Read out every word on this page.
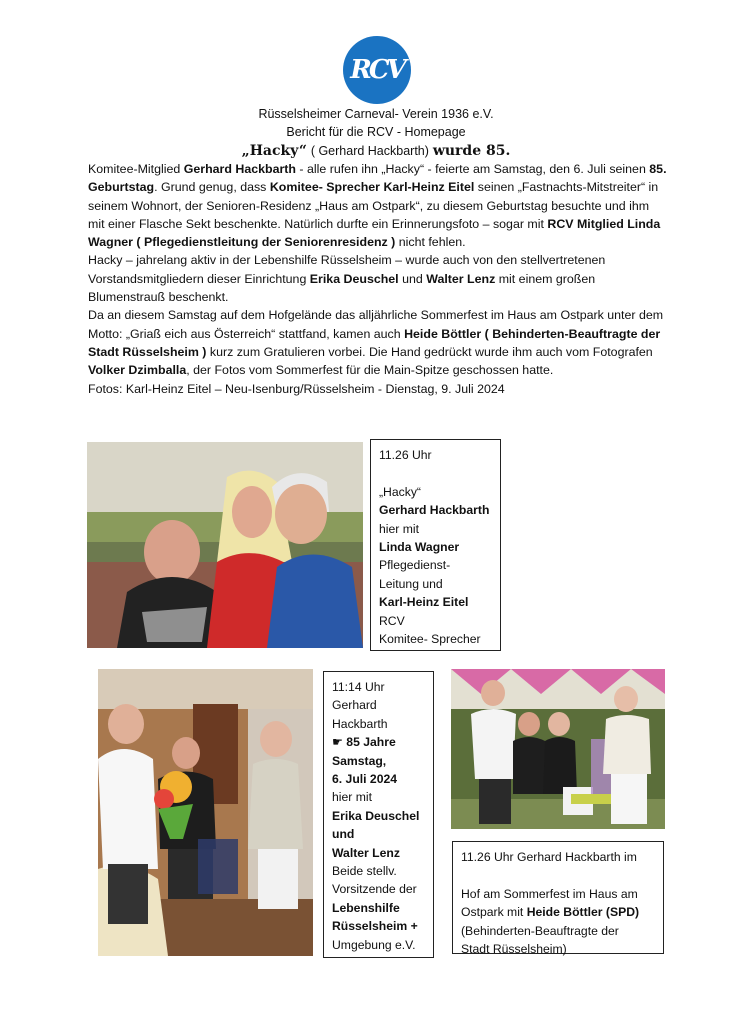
RCV
Rüsselsheimer Carneval- Verein 1936 e.V.
Bericht für die RCV - Homepage
„Hacky“ ( Gerhard Hackbarth) wurde 85.

Komitee-Mitglied Gerhard Hackbarth - alle rufen ihn „Hacky“ - feierte am Samstag, den 6. Juli seinen 85. Geburtstag. Grund genug, dass Komitee- Sprecher Karl-Heinz Eitel seinen „Fastnachts-Mitstreiter“ in seinem Wohnort, der Senioren-Residenz „Haus am Ostpark“, zu diesem Geburtstag besuchte und ihm mit einer Flasche Sekt beschenkte. Natürlich durfte ein Erinnerungsfoto – sogar mit RCV Mitglied Linda Wagner ( Pflegedienstleitung der Seniorenresidenz ) nicht fehlen.

Hacky – jahrelang aktiv in der Lebenshilfe Rüsselsheim – wurde auch von den stellvertretenen Vorstandsmitgliedern dieser Einrichtung Erika Deuschel und Walter Lenz mit einem großen Blumenstrauß beschenkt.

Da an diesem Samstag auf dem Hofgelände das alljährliche Sommerfest im Haus am Ostpark unter dem Motto: „Griaß eich aus Österreich“ stattfand, kamen auch Heide Böttler ( Behinderten-Beauftragte der Stadt Rüsselsheim ) kurz zum Gratulieren vorbei. Die Hand gedrückt wurde ihm auch vom Fotografen Volker Dzimballa, der Fotos vom Sommerfest für die Main-Spitze geschossen hatte.

Fotos: Karl-Heinz Eitel – Neu-Isenburg/Rüsselsheim - Dienstag, 9. Juli 2024

11.26 Uhr

„Hacky“
Gerhard Hackbarth
hier mit
Linda Wagner
Pflegedienst-
Leitung und
Karl-Heinz Eitel
RCV
Komitee- Sprecher
11:14 Uhr
Gerhard
Hackbarth
☛ 85 Jahre
Samstag,
6. Juli 2024
hier mit
Erika Deuschel
und
Walter Lenz
Beide stellv.
Vorsitzende der
Lebenshilfe
Rüsselsheim +
Umgebung e.V.
11.26 Uhr Gerhard Hackbarth im

Hof am Sommerfest im Haus am
Ostpark mit Heide Böttler (SPD)
(Behinderten-Beauftragte der
Stadt Rüsselsheim)
